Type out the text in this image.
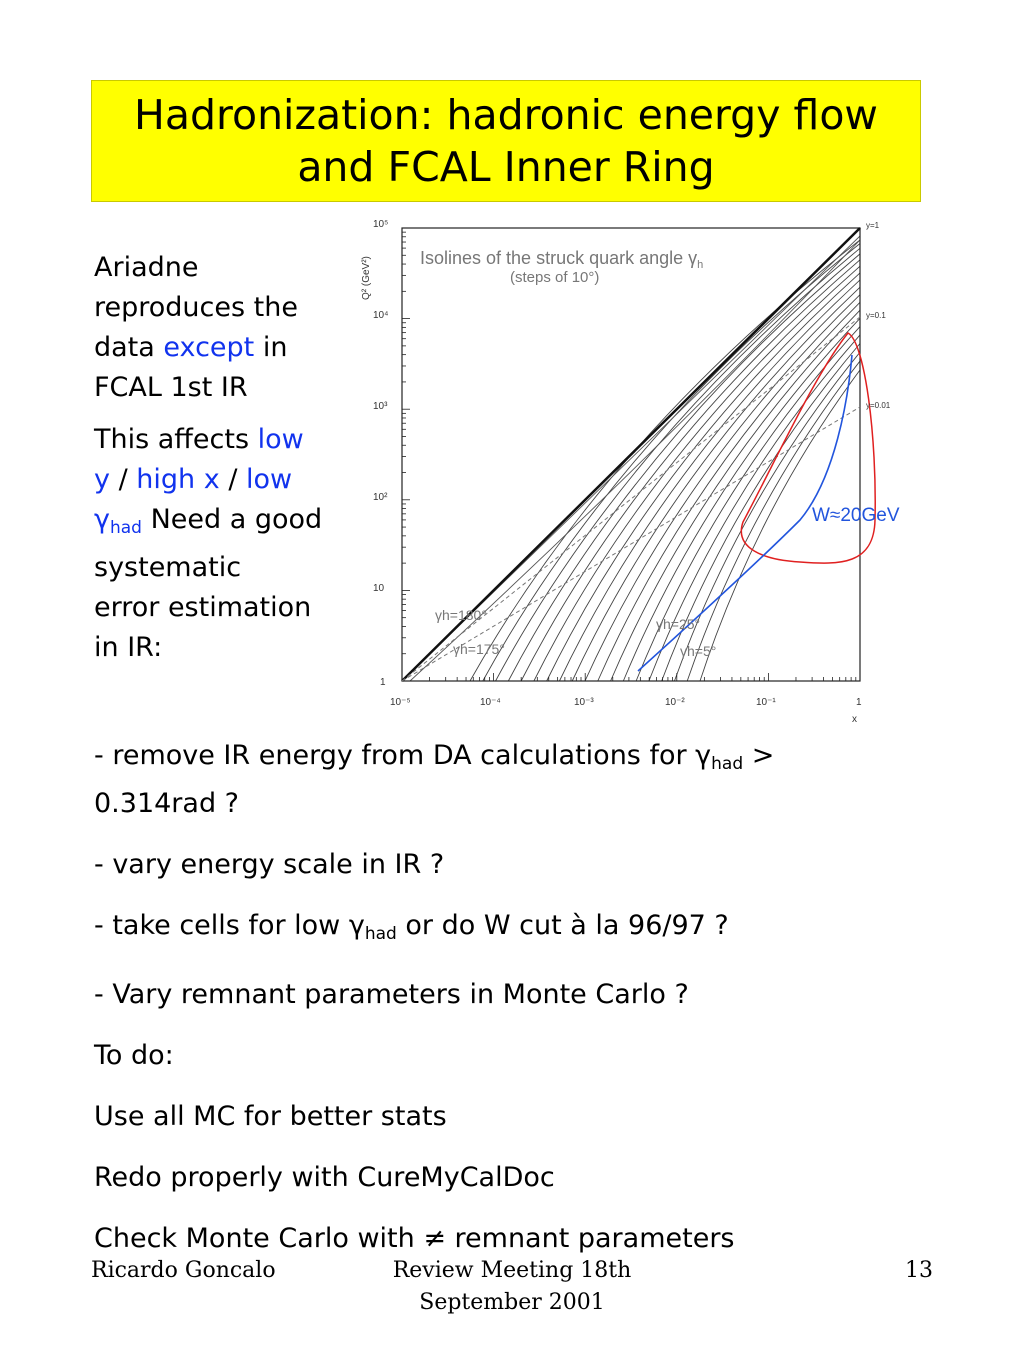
Hadronization: hadronic energy flow
and FCAL Inner Ring

Ariadne
reproduces the
data except in
FCAL 1st IR

This affects low
y / high x / low
$\gamma_{had}$ Need a good
systematic
error estimation
in IR:

Isolines of the struck quark angle $\gamma_h$
(steps of 10°)
Q² (GeV²)
x
10⁵
10⁴
10³
10²
10
1
10⁻⁵	10⁻⁴	10⁻³	10⁻²	10⁻¹	1
y=1
y=0.1
y=0.01
γh=180°
γh=175°
γh=25°
γh=5°
W≈20GeV

- remove IR energy from DA calculations for $\gamma_{had}$ >
0.314rad ?

- vary energy scale in IR ?

- take cells for low $\gamma_{had}$ or do W cut à la 96/97 ?

- Vary remnant parameters in Monte Carlo ?

To do:

Use all MC for better stats

Redo properly with CureMyCalDoc

Check Monte Carlo with ≠ remnant parameters

Ricardo Goncalo	Review Meeting 18th
September 2001
13
